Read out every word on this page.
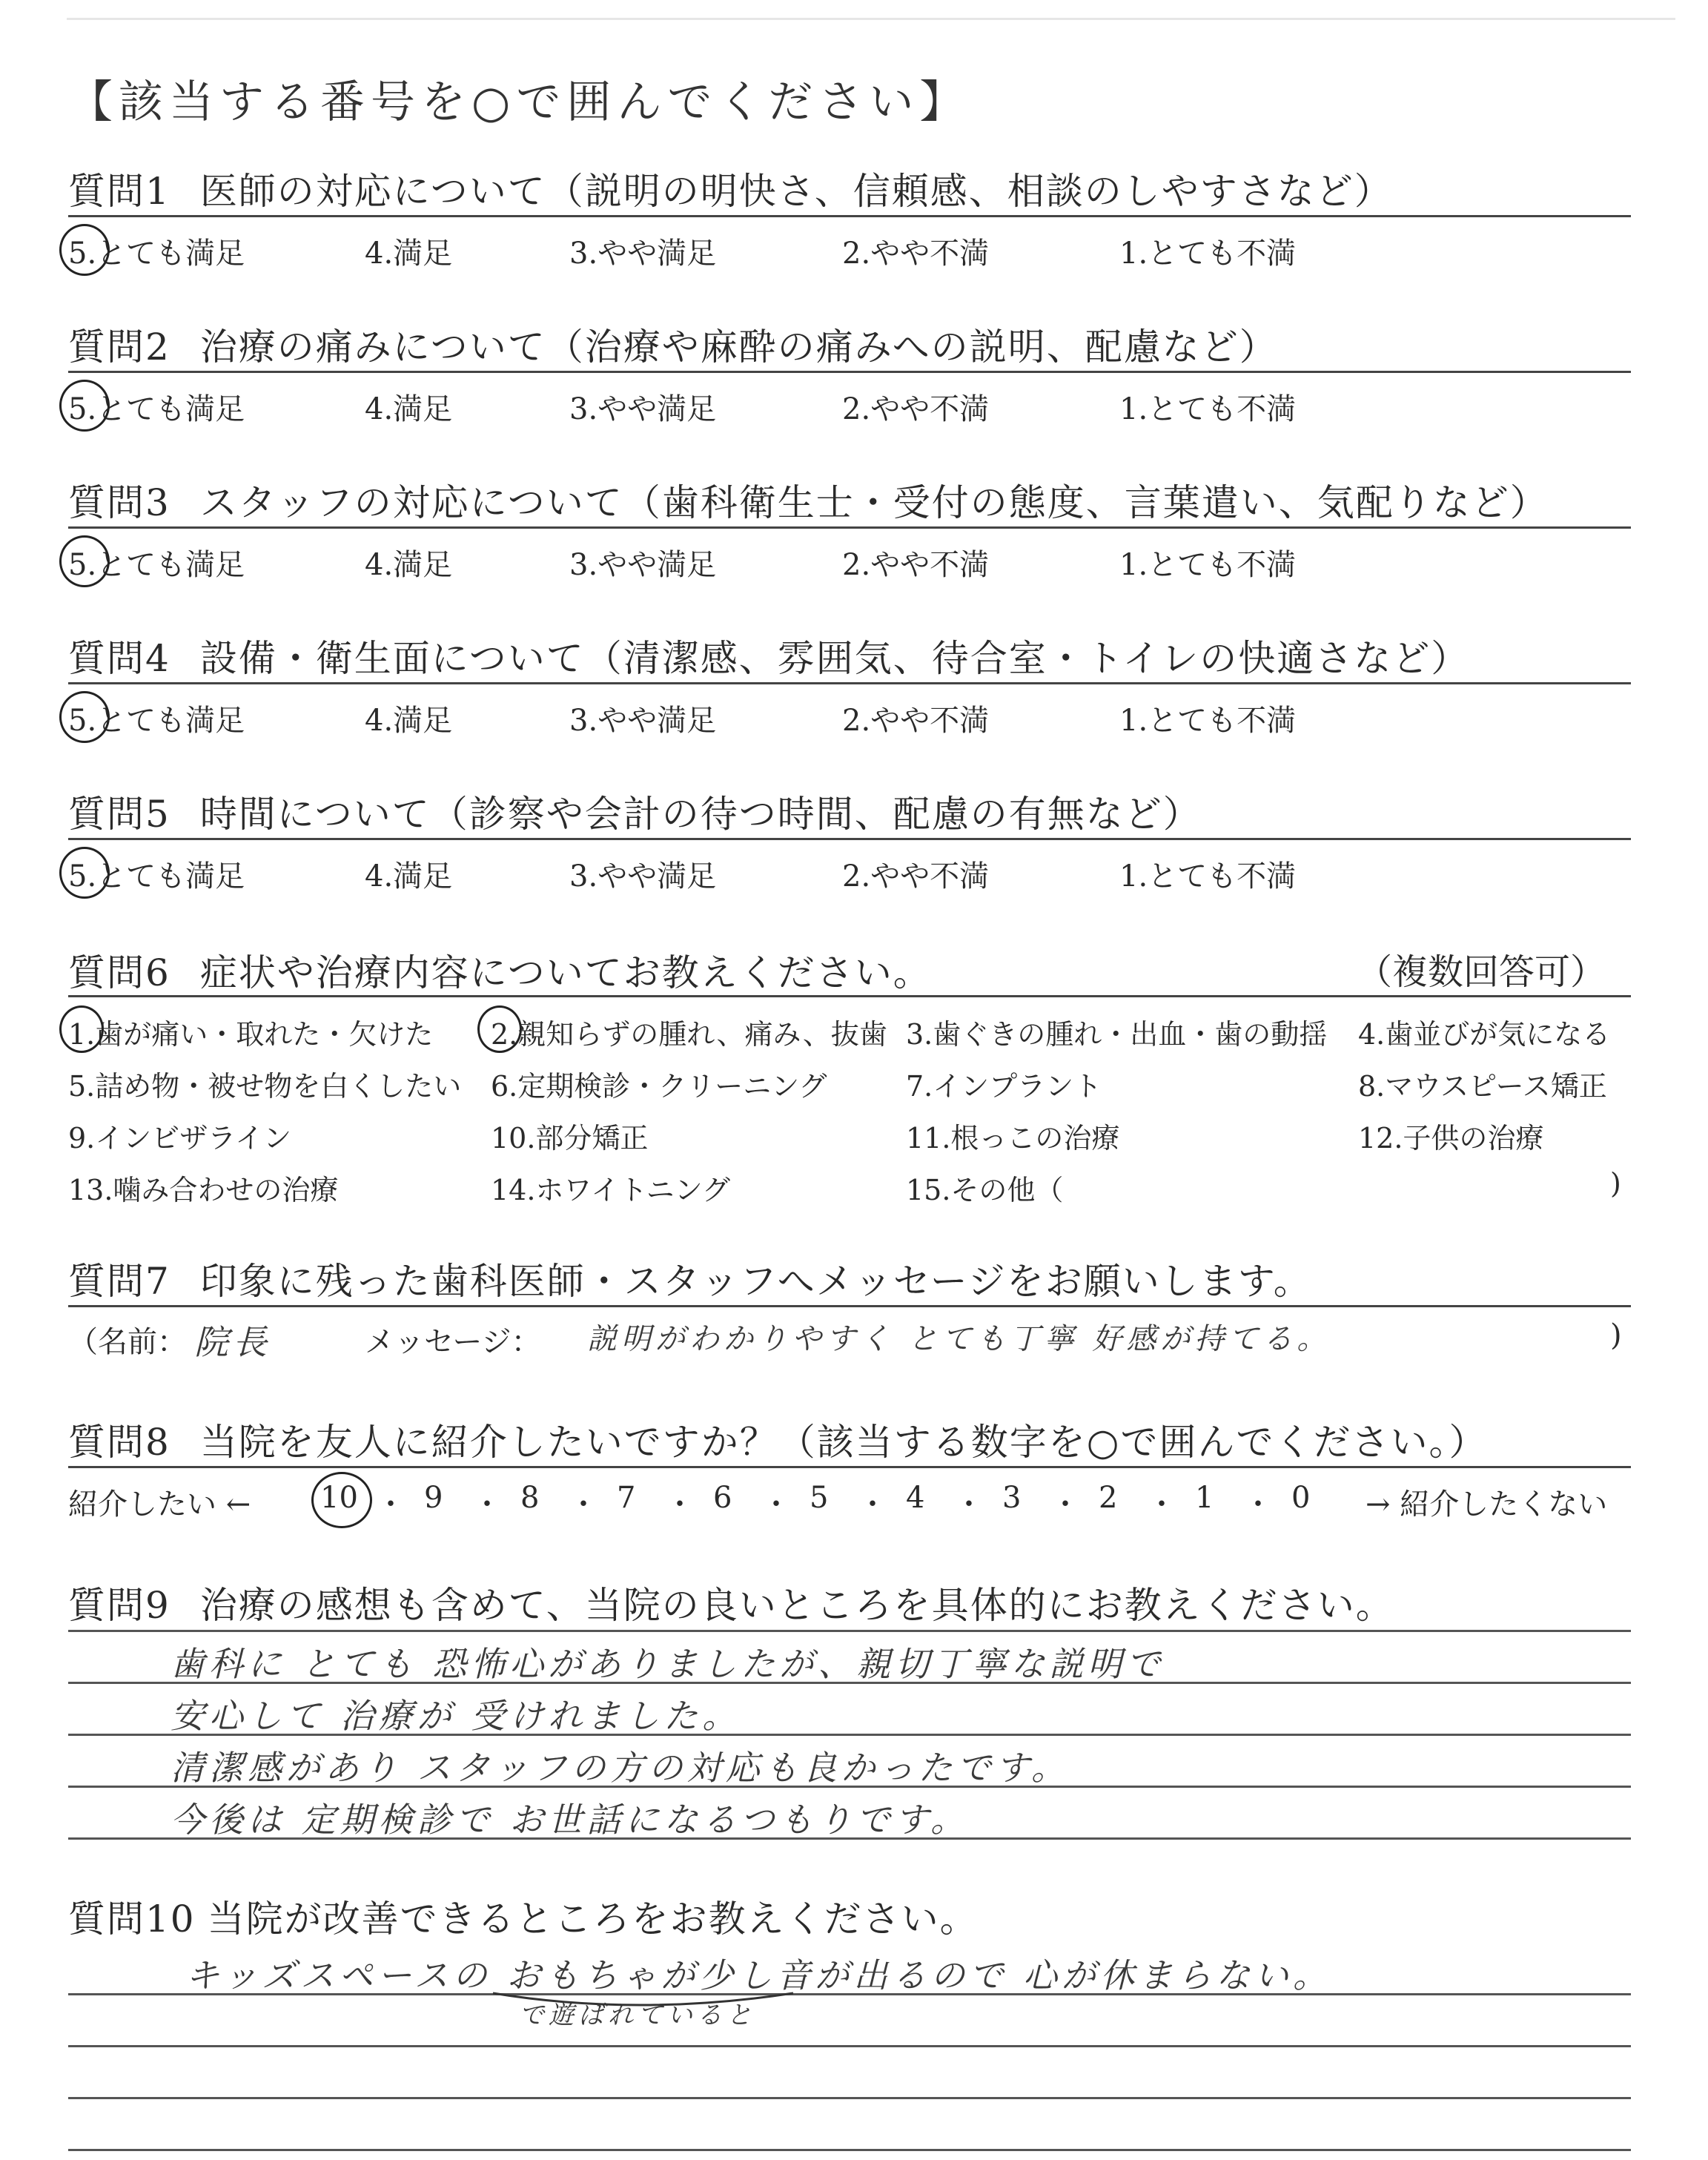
【該当する番号を○で囲んでください】
質問1 医師の対応について（説明の明快さ、信頼感、相談のしやすさなど）
5.とても満足	4.満足	3.やや満足	2.やや不満	1.とても不満
質問2 治療の痛みについて（治療や麻酔の痛みへの説明、配慮など）
5.とても満足	4.満足	3.やや満足	2.やや不満	1.とても不満
質問3 スタッフの対応について（歯科衛生士・受付の態度、言葉遣い、気配りなど）
5.とても満足	4.満足	3.やや満足	2.やや不満	1.とても不満
質問4 設備・衛生面について（清潔感、雰囲気、待合室・トイレの快適さなど）
5.とても満足	4.満足	3.やや満足	2.やや不満	1.とても不満
質問5 時間について（診察や会計の待つ時間、配慮の有無など）
5.とても満足	4.満足	3.やや満足	2.やや不満	1.とても不満
質問6 症状や治療内容についてお教えください。	（複数回答可）
1.歯が痛い・取れた・欠けた 2.親知らずの腫れ、痛み、抜歯 3.歯ぐきの腫れ・出血・歯の動揺 4.歯並びが気になる
5.詰め物・被せ物を白くしたい 6.定期検診・クリーニング	7.インプラント	8.マウスピース矯正
9.インビザライン	10.部分矯正	11.根っこの治療	12.子供の治療
13.噛み合わせの治療	14.ホワイトニング	15.その他（	)
質問7 印象に残った歯科医師・スタッフへメッセージをお願いします。
（名前： 院長	メッセージ： 説明がわかりやすく とても丁寧 好感が持てる。	)
質問8 当院を友人に紹介したいですか？（該当する数字を○で囲んでください。）
紹介したい ← 10 ・ 9 ・ 8 ・ 7 ・ 6 ・ 5 ・ 4 ・ 3 ・ 2 ・ 1 ・ 0 → 紹介したくない
質問9 治療の感想も含めて、当院の良いところを具体的にお教えください。
歯科に とても 恐怖心がありましたが、親切丁寧な説明で
安心して 治療が 受けれました。
清潔感があり スタッフの方の対応も良かったです。
今後は 定期検診で お世話になるつもりです。
質問10 当院が改善できるところをお教えください。
キッズスペースの おもちゃが少し音が出るので 心が休まらない。
で遊ばれていると
